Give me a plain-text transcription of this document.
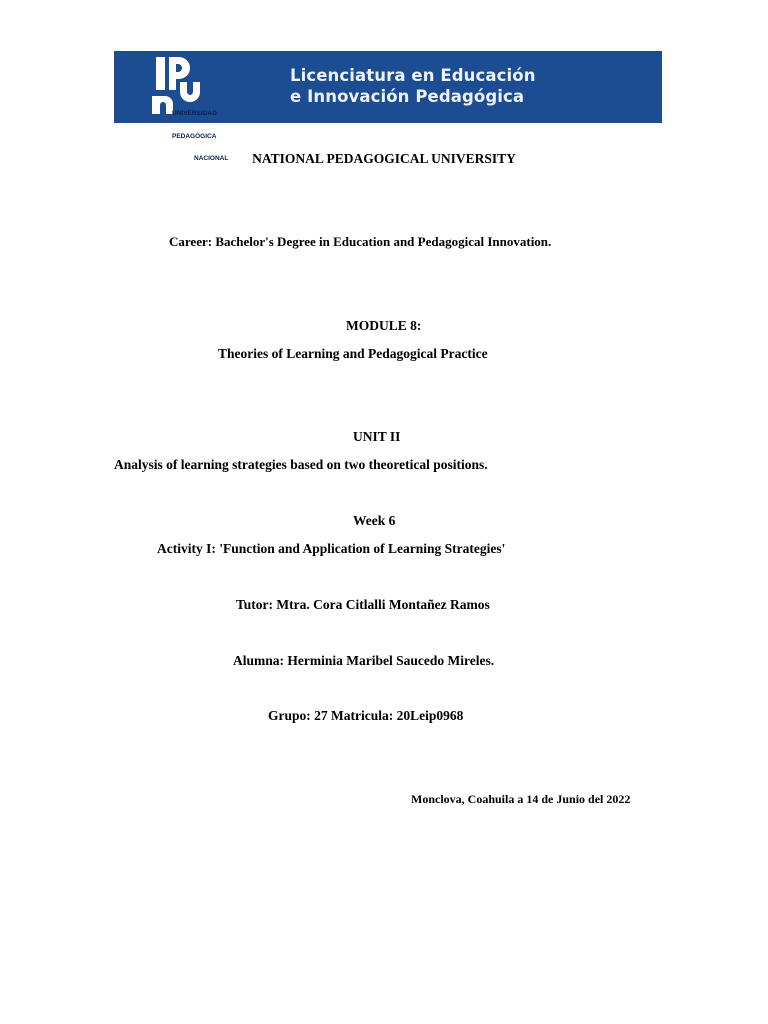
UNIVERSIDAD

PEDAGÓGICA

NACIONAL

Licenciatura en Educación
e Innovación Pedagógica
NATIONAL PEDAGOGICAL UNIVERSITY
Career: Bachelor's Degree in Education and Pedagogical Innovation.
MODULE 8:
Theories of Learning and Pedagogical Practice
UNIT II
Analysis of learning strategies based on two theoretical positions.
Week 6
Activity I: 'Function and Application of Learning Strategies'
Tutor: Mtra. Cora Citlalli Montañez Ramos
Alumna: Herminia Maribel Saucedo Mireles.
Grupo: 27 Matricula: 20Leip0968
Monclova, Coahuila a 14 de Junio del 2022
